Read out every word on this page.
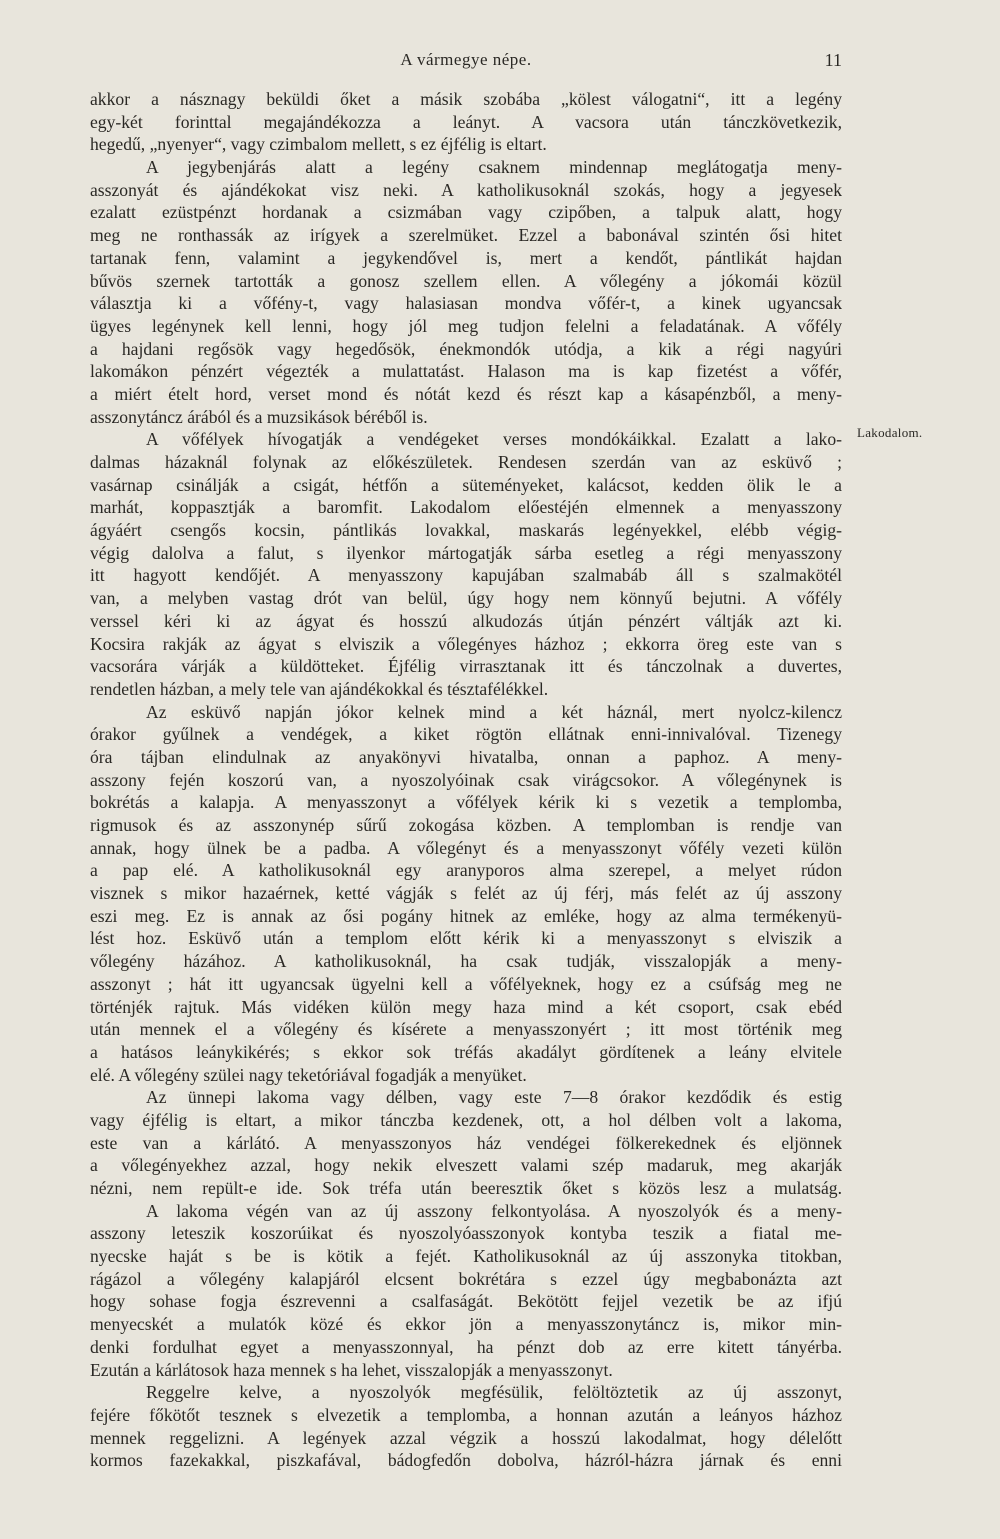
A vármegye népe.	11
akkor a násznagy beküldi őket a másik szobába „kölest válogatni“, itt a legény
egy-két forinttal megajándékozza a leányt. A vacsora után tánczkövetkezik,
hegedű, „nyenyer“, vagy czimbalom mellett, s ez éjfélig is eltart.
A jegybenjárás alatt a legény csaknem mindennap meglátogatja meny-
asszonyát és ajándékokat visz neki. A katholikusoknál szokás, hogy a jegyesek
ezalatt ezüstpénzt hordanak a csizmában vagy czipőben, a talpuk alatt, hogy
meg ne ronthassák az irígyek a szerelmüket. Ezzel a babonával szintén ősi hitet
tartanak fenn, valamint a jegykendővel is, mert a kendőt, pántlikát hajdan
bűvös szernek tartották a gonosz szellem ellen. A vőlegény a jókomái közül
választja ki a vőfény-t, vagy halasiasan mondva vőfér-t, a kinek ugyancsak
ügyes legénynek kell lenni, hogy jól meg tudjon felelni a feladatának. A vőfély
a hajdani regősök vagy hegedősök, énekmondók utódja, a kik a régi nagyúri
lakomákon pénzért végezték a mulattatást. Halason ma is kap fizetést a vőfér,
a miért ételt hord, verset mond és nótát kezd és részt kap a kásapénzből, a meny-
asszonytáncz árából és a muzsikások béréből is.
A vőfélyek hívogatják a vendégeket verses mondókáikkal. Ezalatt a lako-
dalmas házaknál folynak az előkészületek. Rendesen szerdán van az esküvő ;
vasárnap csinálják a csigát, hétfőn a süteményeket, kalácsot, kedden ölik le a
marhát, koppasztják a baromfit. Lakodalom előestéjén elmennek a menyasszony
ágyáért csengős kocsin, pántlikás lovakkal, maskarás legényekkel, elébb végig-
végig dalolva a falut, s ilyenkor mártogatják sárba esetleg a régi menyasszony
itt hagyott kendőjét. A menyasszony kapujában szalmabáb áll s szalmakötél
van, a melyben vastag drót van belül, úgy hogy nem könnyű bejutni. A vőfély
verssel kéri ki az ágyat és hosszú alkudozás útján pénzért váltják azt ki.
Kocsira rakják az ágyat s elviszik a vőlegényes házhoz ; ekkorra öreg este van s
vacsorára várják a küldötteket. Éjfélig virrasztanak itt és tánczolnak a duvertes,
rendetlen házban, a mely tele van ajándékokkal és tésztafélékkel.
Az esküvő napján jókor kelnek mind a két háznál, mert nyolcz-kilencz
órakor gyűlnek a vendégek, a kiket rögtön ellátnak enni-innivalóval. Tizenegy
óra tájban elindulnak az anyakönyvi hivatalba, onnan a paphoz. A meny-
asszony fején koszorú van, a nyoszolyóinak csak virágcsokor. A vőlegénynek is
bokrétás a kalapja. A menyasszonyt a vőfélyek kérik ki s vezetik a templomba,
rigmusok és az asszonynép sűrű zokogása közben. A templomban is rendje van
annak, hogy ülnek be a padba. A vőlegényt és a menyasszonyt vőfély vezeti külön
a pap elé. A katholikusoknál egy aranyporos alma szerepel, a melyet rúdon
visznek s mikor hazaérnek, ketté vágják s felét az új férj, más felét az új asszony
eszi meg. Ez is annak az ősi pogány hitnek az emléke, hogy az alma termékenyü-
lést hoz. Esküvő után a templom előtt kérik ki a menyasszonyt s elviszik a
vőlegény házához. A katholikusoknál, ha csak tudják, visszalopják a meny-
asszonyt ; hát itt ugyancsak ügyelni kell a vőfélyeknek, hogy ez a csúfság meg ne
történjék rajtuk. Más vidéken külön megy haza mind a két csoport, csak ebéd
után mennek el a vőlegény és kísérete a menyasszonyért ; itt most történik meg
a hatásos leánykikérés; s ekkor sok tréfás akadályt gördítenek a leány elvitele
elé. A vőlegény szülei nagy teketóriával fogadják a menyüket.
Az ünnepi lakoma vagy délben, vagy este 7—8 órakor kezdődik és estig
vagy éjfélig is eltart, a mikor tánczba kezdenek, ott, a hol délben volt a lakoma,
este van a kárlátó. A menyasszonyos ház vendégei fölkerekednek és eljönnek
a vőlegényekhez azzal, hogy nekik elveszett valami szép madaruk, meg akarják
nézni, nem repült-e ide. Sok tréfa után beeresztik őket s közös lesz a mulatság.
A lakoma végén van az új asszony felkontyolása. A nyoszolyók és a meny-
asszony leteszik koszorúikat és nyoszolyóasszonyok kontyba teszik a fiatal me-
nyecske haját s be is kötik a fejét. Katholikusoknál az új asszonyka titokban,
rágázol a vőlegény kalapjáról elcsent bokrétára s ezzel úgy megbabonázta azt
hogy sohase fogja észrevenni a csalfaságát. Bekötött fejjel vezetik be az ifjú
menyecskét a mulatók közé és ekkor jön a menyasszonytáncz is, mikor min-
denki fordulhat egyet a menyasszonnyal, ha pénzt dob az erre kitett tányérba.
Ezután a kárlátosok haza mennek s ha lehet, visszalopják a menyasszonyt.
Reggelre kelve, a nyoszolyók megfésülik, felöltöztetik az új asszonyt,
fejére főkötőt tesznek s elvezetik a templomba, a honnan azután a leányos házhoz
mennek reggelizni. A legények azzal végzik a hosszú lakodalmat, hogy délelőtt
kormos fazekakkal, piszkafával, bádogfedőn dobolva, házról-házra járnak és enni
Lakodalom.
